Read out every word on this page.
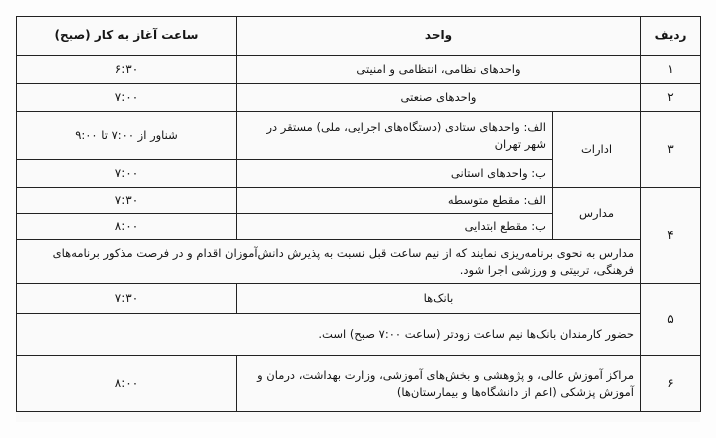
ردیف	واحد		ساعت آغاز به کار (صبح)
۱	واحدهای نظامی، انتظامی و امنیتی		۶:۳۰
۲	واحدهای صنعتی		۷:۰۰
۳	ادارات	الف: واحدهای ستادی (دستگاه‌های اجرایی، ملی) مستقر در شهر تهران	شناور از ۷:۰۰ تا ۹:۰۰
		ب: واحدهای استانی	۷:۰۰
۴	مدارس	الف: مقطع متوسطه	۷:۳۰
		ب: مقطع ابتدایی	۸:۰۰
	مدارس به نحوی برنامه‌ریزی نمایند که از نیم ساعت قبل نسبت به پذیرش دانش‌آموزان اقدام و در فرصت مذکور برنامه‌های فرهنگی، تربیتی و ورزشی اجرا شود.		
۵	بانک‌ها		۷:۳۰
	حضور کارمندان بانک‌ها نیم ساعت زودتر (ساعت ۷:۰۰ صبح) است.		
۶	مراکز آموزش عالی، و پژوهشی و بخش‌های آموزشی، وزارت بهداشت، درمان و آموزش پزشکی (اعم از دانشگاه‌ها و بیمارستان‌ها)		۸:۰۰
